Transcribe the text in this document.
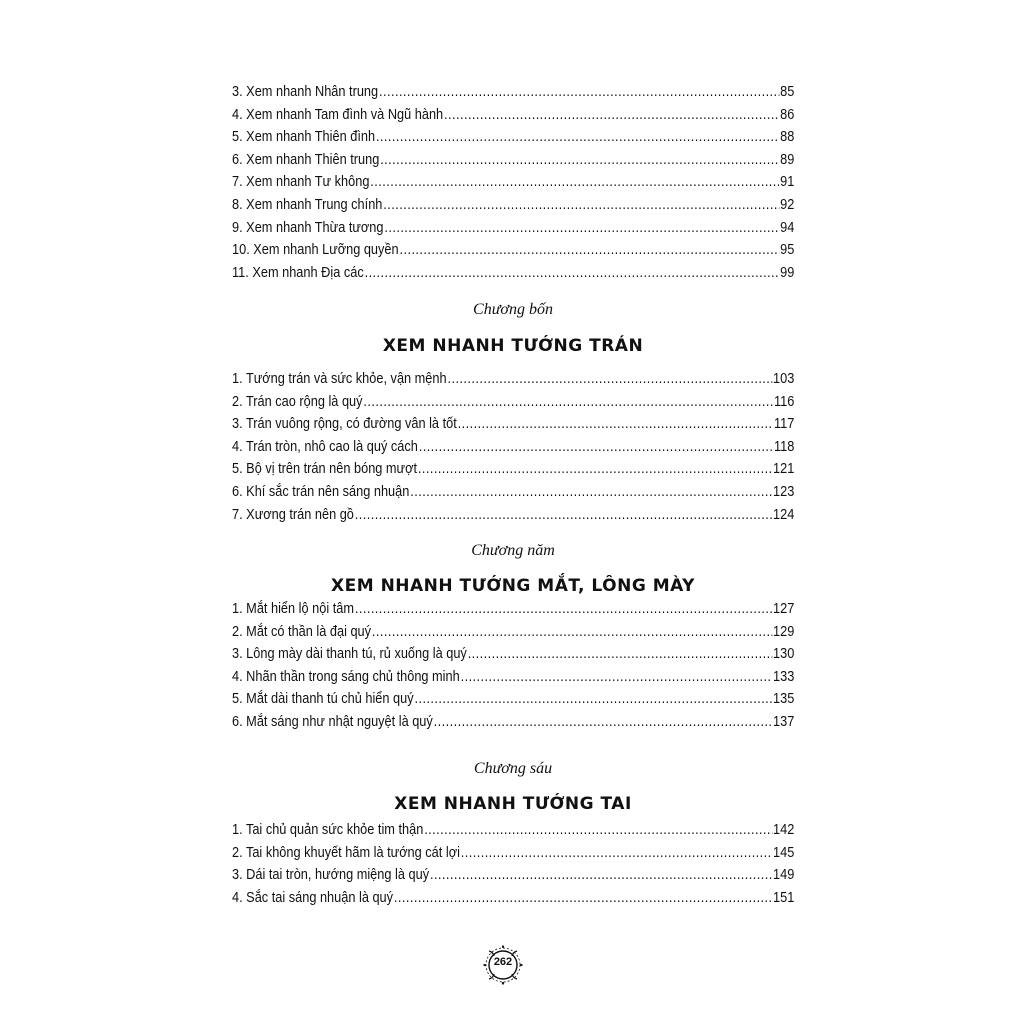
3. Xem nhanh Nhân trung .....	85
4. Xem nhanh Tam đình và Ngũ hành .....	86
5. Xem nhanh Thiên đình .....	88
6. Xem nhanh Thiên trung .....	89
7. Xem nhanh Tư không .....	91
8. Xem nhanh Trung chính .....	92
9. Xem nhanh Thừa tương .....	94
10. Xem nhanh Lưỡng quyền .....	95
11. Xem nhanh Địa các .....	99
Chương bốn
XEM NHANH TƯỚNG TRÁN
1. Tướng trán và sức khỏe, vận mệnh .....	103
2. Trán cao rộng là quý .....	116
3. Trán vuông rộng, có đường vân là tốt .....	117
4. Trán tròn, nhô cao là quý cách .....	118
5. Bộ vị trên trán nên bóng mượt .....	121
6. Khí sắc trán nên sáng nhuận .....	123
7. Xương trán nên gồ .....	124
Chương năm
XEM NHANH TƯỚNG MẮT, LÔNG MÀY
1. Mắt hiển lộ nội tâm .....	127
2. Mắt có thần là đại quý .....	129
3. Lông mày dài thanh tú, rủ xuống là quý .....	130
4. Nhãn thần trong sáng chủ thông minh .....	133
5. Mắt dài thanh tú chủ hiển quý .....	135
6. Mắt sáng như nhật nguyệt là quý .....	137
Chương sáu
XEM NHANH TƯỚNG TAI
1. Tai chủ quản sức khỏe tim thận .....	142
2. Tai không khuyết hãm là tướng cát lợi .....	145
3. Dái tai tròn, hướng miệng là quý .....	149
4. Sắc tai sáng nhuận là quý .....	151
262
